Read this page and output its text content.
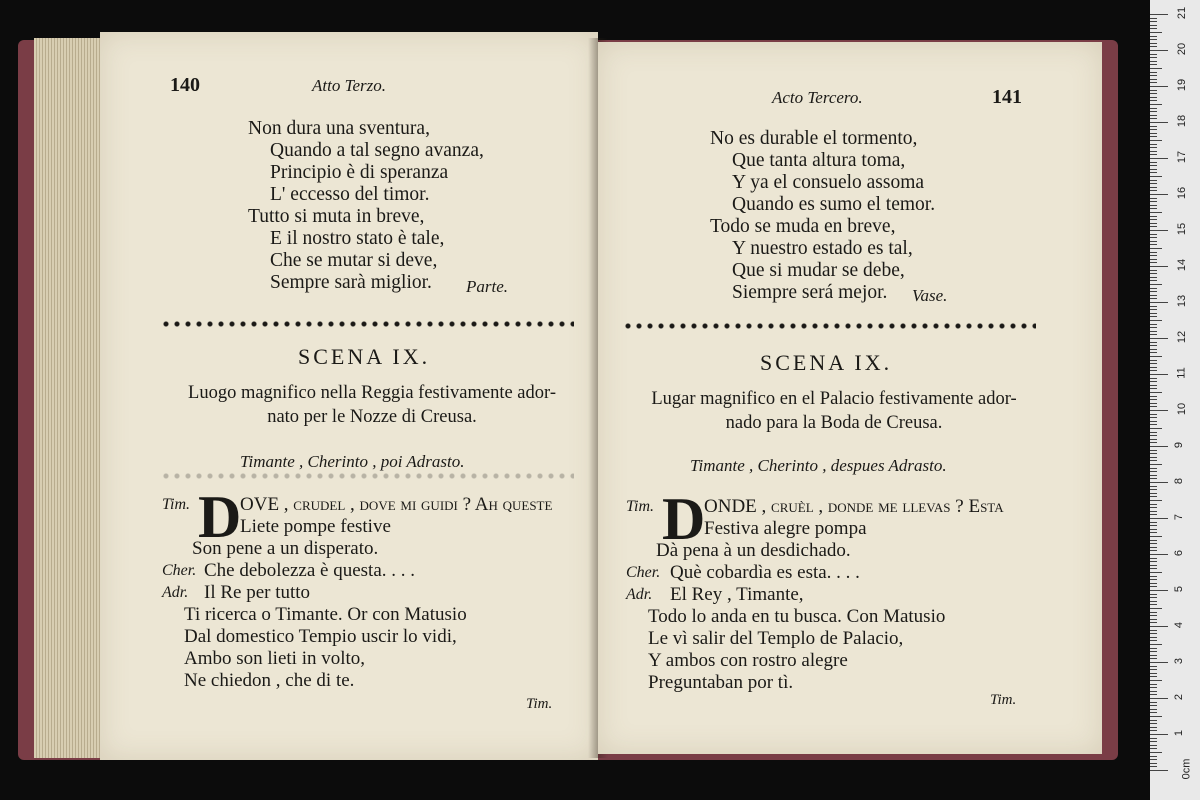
140	Atto Terzo.
Non dura una sventura,
Quando a tal segno avanza,
Principio è di speranza
L' eccesso del timor.
Tutto si muta in breve,
E il nostro stato è tale,
Che se mutar si deve,
Sempre sarà miglior. Parte.
SCENA IX.
Luogo magnifico nella Reggia festivamente ador-
nato per le Nozze di Creusa.
Timante , Cherinto , poi Adrasto.
Tim. D
OVE , crudel , dove mi guidi ? Ah queste
Liete pompe festive
Son pene a un disperato.
Cher. Che debolezza è questa. . . .
Adr. Il Re per tutto
Ti ricerca o Timante. Or con Matusio
Dal domestico Tempio uscir lo vidi,
Ambo son lieti in volto,
Ne chiedon , che di te.
Tim.
Acto Tercero.	141
No es durable el tormento,
Que tanta altura toma,
Y ya el consuelo assoma
Quando es sumo el temor.
Todo se muda en breve,
Y nuestro estado es tal,
Que si mudar se debe,
Siempre será mejor. Vase.
SCENA IX.
Lugar magnifico en el Palacio festivamente ador-
nado para la Boda de Creusa.
Timante , Cherinto , despues Adrasto.
Tim. D
ONDE , cruèl , donde me llevas ? Esta
Festiva alegre pompa
Dà pena à un desdichado.
Cher. Què cobardìa es esta. . . .
Adr. El Rey , Timante,
Todo lo anda en tu busca. Con Matusio
Le vì salir del Templo de Palacio,
Y ambos con rostro alegre
Preguntaban por tì.
Tim.
0cm
1
2
3
4
5
6
7
8
9
10
11
12
13
14
15
16
17
18
19
20
21
